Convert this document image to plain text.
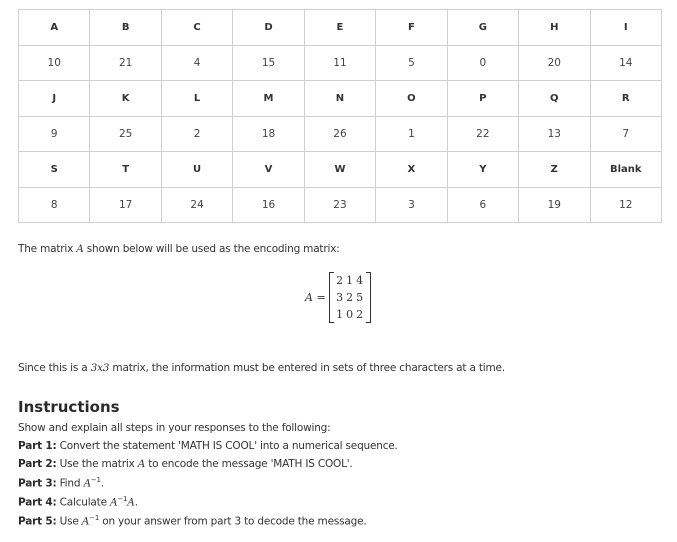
A	B	C	D	E	F	G	H	I
10	21	4	15	11	5	0	20	14
J	K	L	M	N	O	P	Q	R
9	25	2	18	26	1	22	13	7
S	T	U	V	W	X	Y	Z	Blank
8	17	24	16	23	3	6	19	12
The matrix A shown below will be used as the encoding matrix:
A =
2 1 4
3 2 5
1 0 2
Since this is a 3x3 matrix, the information must be entered in sets of three characters at a time.
Instructions
Show and explain all steps in your responses to the following:
Part 1: Convert the statement 'MATH IS COOL' into a numerical sequence.
Part 2: Use the matrix A to encode the message 'MATH IS COOL'.
Part 3: Find $A^{-1}$.
Part 4: Calculate $A^{-1}A$.
Part 5: Use $A^{-1}$ on your answer from part 3 to decode the message.
